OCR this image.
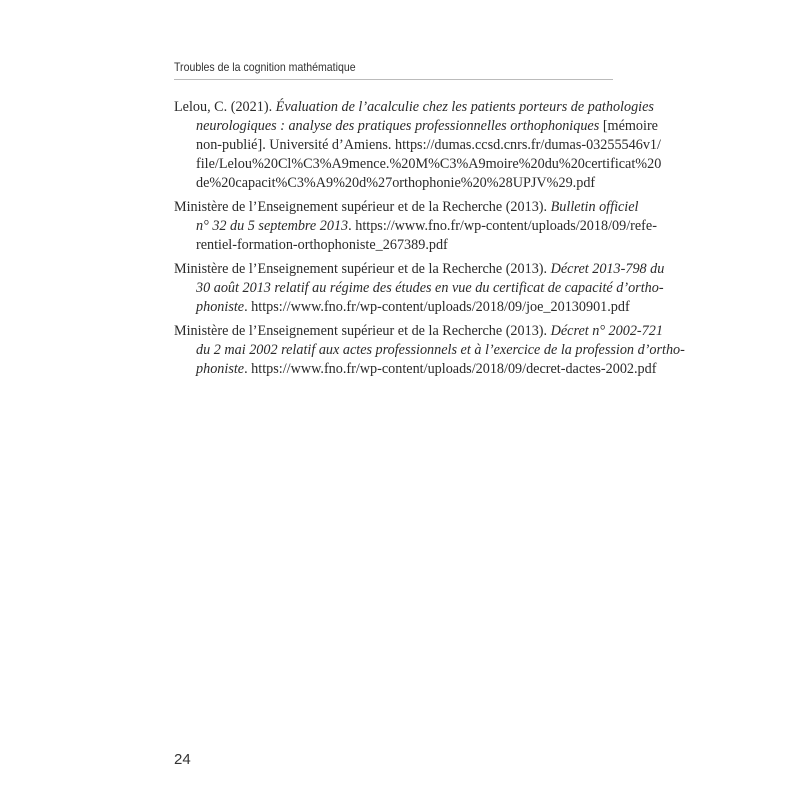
Troubles de la cognition mathématique
Lelou, C. (2021). Évaluation de l’acalculie chez les patients porteurs de pathologies
neurologiques : analyse des pratiques professionnelles orthophoniques [mémoire
non-publié]. Université d’Amiens. https://dumas.ccsd.cnrs.fr/dumas-03255546v1/
file/Lelou%20Cl%C3%A9mence.%20M%C3%A9moire%20du%20certificat%20
de%20capacit%C3%A9%20d%27orthophonie%20%28UPJV%29.pdf
Ministère de l’Enseignement supérieur et de la Recherche (2013). Bulletin officiel
n° 32 du 5 septembre 2013. https://www.fno.fr/wp-content/uploads/2018/09/refe-
rentiel-formation-orthophoniste_267389.pdf
Ministère de l’Enseignement supérieur et de la Recherche (2013). Décret 2013-798 du
30 août 2013 relatif au régime des études en vue du certificat de capacité d’ortho-
phoniste. https://www.fno.fr/wp-content/uploads/2018/09/joe_20130901.pdf
Ministère de l’Enseignement supérieur et de la Recherche (2013). Décret n° 2002-721
du 2 mai 2002 relatif aux actes professionnels et à l’exercice de la profession d’ortho-
phoniste. https://www.fno.fr/wp-content/uploads/2018/09/decret-dactes-2002.pdf
24
